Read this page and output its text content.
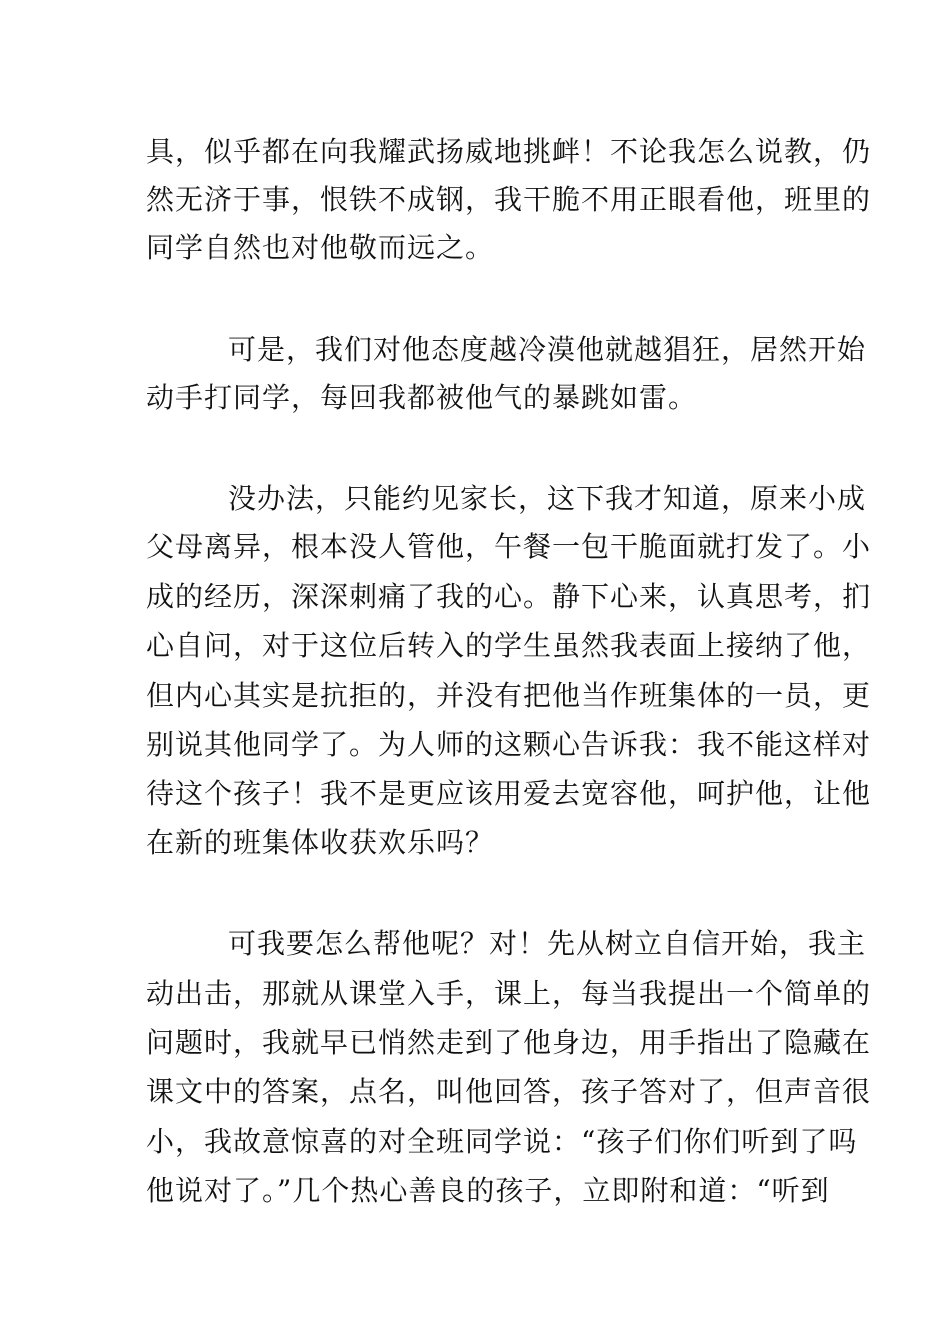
具，似乎都在向我耀武扬威地挑衅！不论我怎么说教，仍
然无济于事，恨铁不成钢，我干脆不用正眼看他，班里的
同学自然也对他敬而远之。
可是，我们对他态度越冷漠他就越猖狂，居然开始
动手打同学，每回我都被他气的暴跳如雷。
没办法，只能约见家长，这下我才知道，原来小成
父母离异，根本没人管他，午餐一包干脆面就打发了。小
成的经历，深深刺痛了我的心。静下心来，认真思考，扪
心自问，对于这位后转入的学生虽然我表面上接纳了他，
但内心其实是抗拒的，并没有把他当作班集体的一员，更
别说其他同学了。为人师的这颗心告诉我：我不能这样对
待这个孩子！我不是更应该用爱去宽容他，呵护他，让他
在新的班集体收获欢乐吗？
可我要怎么帮他呢？对！先从树立自信开始，我主
动出击，那就从课堂入手，课上，每当我提出一个简单的
问题时，我就早已悄然走到了他身边，用手指出了隐藏在
课文中的答案，点名，叫他回答，孩子答对了，但声音很
小，我故意惊喜的对全班同学说：“孩子们你们听到了吗
他说对了。”几个热心善良的孩子，立即附和道：“听到
